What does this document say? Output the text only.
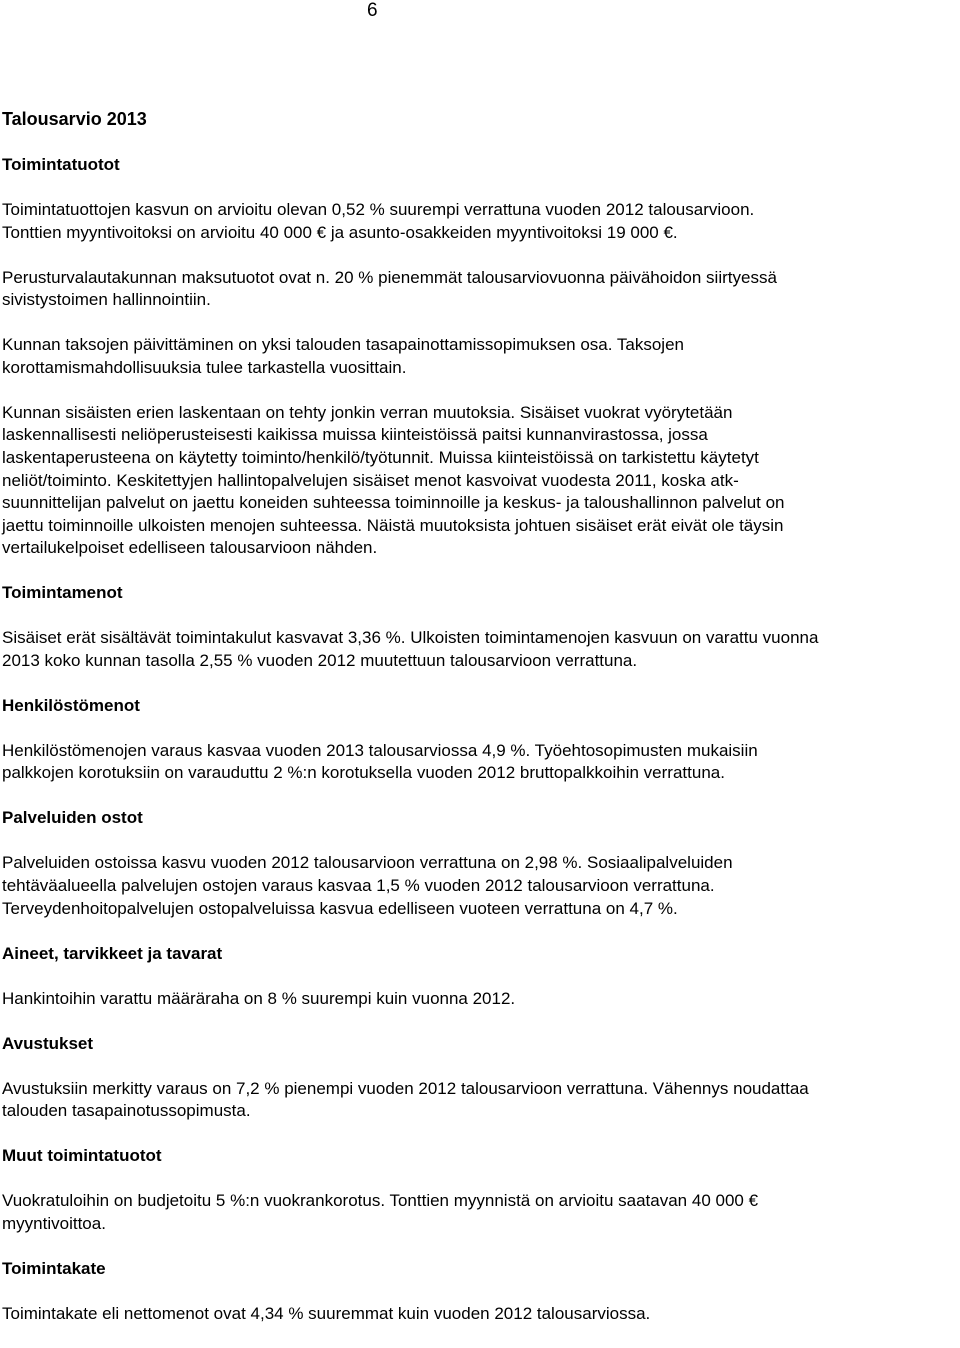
6
Talousarvio 2013
Toimintatuotot

Toimintatuottojen kasvun on arvioitu olevan 0,52 % suurempi verrattuna vuoden 2012 talousarvioon.
Tonttien myyntivoitoksi on arvioitu 40 000 € ja asunto-osakkeiden myyntivoitoksi 19 000 €.

Perusturvalautakunnan maksutuotot ovat n. 20 % pienemmät talousarviovuonna päivähoidon siirtyessä
sivistystoimen hallinnointiin.

Kunnan taksojen päivittäminen on yksi talouden tasapainottamissopimuksen osa. Taksojen
korottamismahdollisuuksia tulee tarkastella vuosittain.

Kunnan sisäisten erien laskentaan on tehty jonkin verran muutoksia. Sisäiset vuokrat vyörytetään
laskennallisesti neliöperusteisesti kaikissa muissa kiinteistöissä paitsi kunnanvirastossa, jossa
laskentaperusteena on käytetty toiminto/henkilö/työtunnit. Muissa kiinteistöissä on tarkistettu käytetyt
neliöt/toiminto. Keskitettyjen hallintopalvelujen sisäiset menot kasvoivat vuodesta 2011, koska atk-
suunnittelijan palvelut on jaettu koneiden suhteessa toiminnoille ja keskus- ja taloushallinnon palvelut on
jaettu toiminnoille ulkoisten menojen suhteessa. Näistä muutoksista johtuen sisäiset erät eivät ole täysin
vertailukelpoiset edelliseen talousarvioon nähden.

Toimintamenot

Sisäiset erät sisältävät toimintakulut kasvavat 3,36 %. Ulkoisten toimintamenojen kasvuun on varattu vuonna
2013 koko kunnan tasolla 2,55 % vuoden 2012 muutettuun talousarvioon verrattuna.

Henkilöstömenot

Henkilöstömenojen varaus kasvaa vuoden 2013 talousarviossa 4,9 %. Työehtosopimusten mukaisiin
palkkojen korotuksiin on varauduttu 2 %:n korotuksella vuoden 2012 bruttopalkkoihin verrattuna.

Palveluiden ostot

Palveluiden ostoissa kasvu vuoden 2012 talousarvioon verrattuna on 2,98 %. Sosiaalipalveluiden
tehtäväalueella palvelujen ostojen varaus kasvaa 1,5 % vuoden 2012 talousarvioon verrattuna.
Terveydenhoitopalvelujen ostopalveluissa kasvua edelliseen vuoteen verrattuna on 4,7 %.

Aineet, tarvikkeet ja tavarat

Hankintoihin varattu määräraha on 8 % suurempi kuin vuonna 2012.

Avustukset

Avustuksiin merkitty varaus on 7,2 % pienempi vuoden 2012 talousarvioon verrattuna. Vähennys noudattaa
talouden tasapainotussopimusta.

Muut toimintatuotot

Vuokratuloihin on budjetoitu 5 %:n vuokrankorotus. Tonttien myynnistä on arvioitu saatavan 40 000 €
myyntivoittoa.

Toimintakate

Toimintakate eli nettomenot ovat 4,34 % suuremmat kuin vuoden 2012 talousarviossa.
